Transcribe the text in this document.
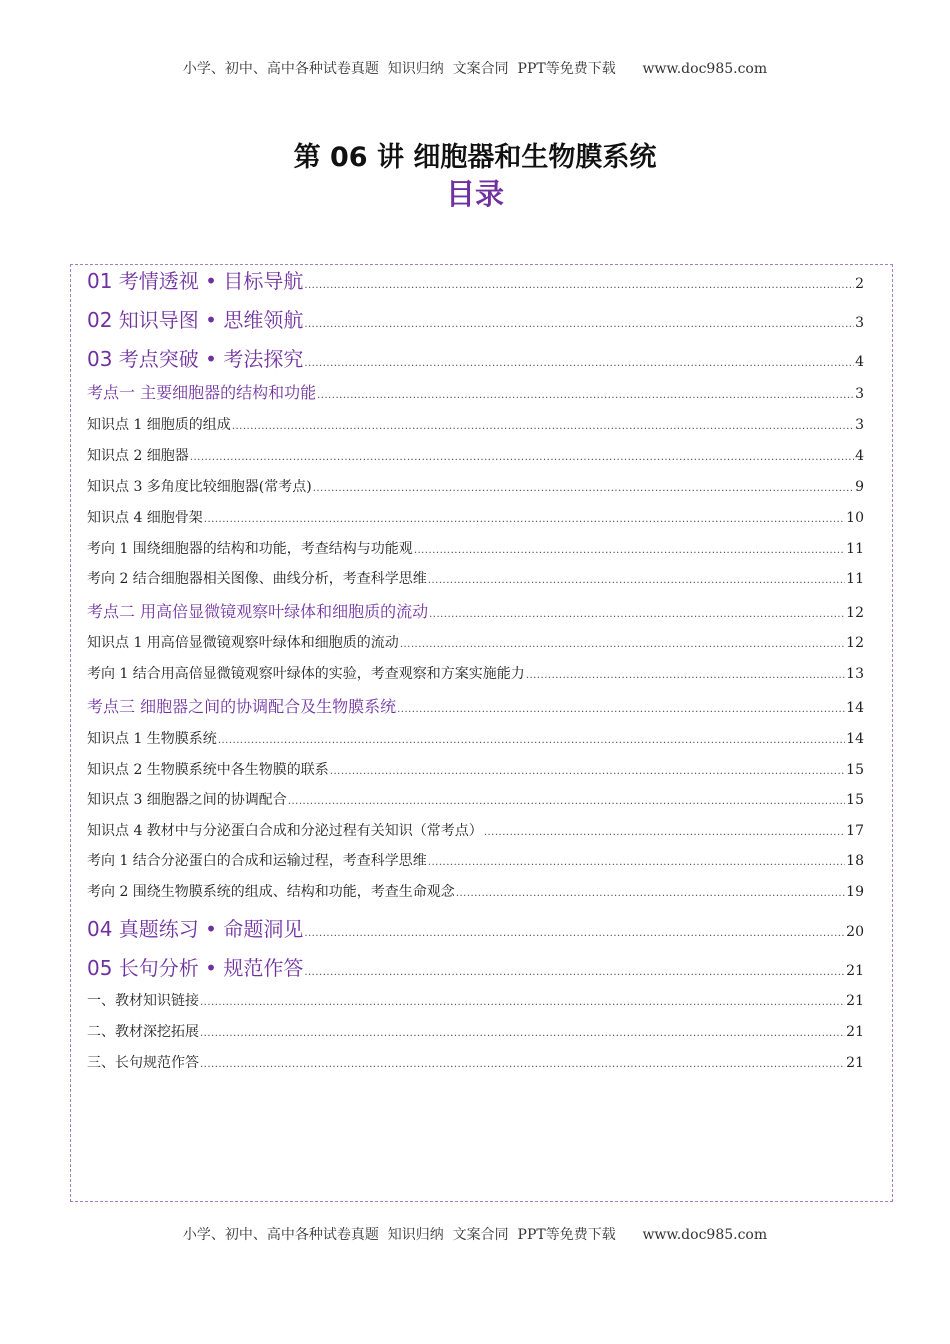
小学、初中、高中各种试卷真题  知识归纳  文案合同  PPT等免费下载      www.doc985.com
第 06 讲 细胞器和生物膜系统
目录
01 考情透视 • 目标导航 .....	2
02 知识导图 • 思维领航 .....	3
03 考点突破 • 考法探究 .....	4
考点一 主要细胞器的结构和功能 .....	3
知识点 1 细胞质的组成 .....	3
知识点 2 细胞器 .....	4
知识点 3 多角度比较细胞器(常考点) .....	9
知识点 4 细胞骨架 .....	10
考向 1 围绕细胞器的结构和功能，考查结构与功能观 .....	11
考向 2 结合细胞器相关图像、曲线分析，考查科学思维 .....	11
考点二 用高倍显微镜观察叶绿体和细胞质的流动 .....	12
知识点 1 用高倍显微镜观察叶绿体和细胞质的流动 .....	12
考向 1 结合用高倍显微镜观察叶绿体的实验，考查观察和方案实施能力 .....	13
考点三 细胞器之间的协调配合及生物膜系统 .....	14
知识点 1 生物膜系统 .....	14
知识点 2 生物膜系统中各生物膜的联系 .....	15
知识点 3 细胞器之间的协调配合 .....	15
知识点 4 教材中与分泌蛋白合成和分泌过程有关知识（常考点） .....	17
考向 1 结合分泌蛋白的合成和运输过程，考查科学思维 .....	18
考向 2 围绕生物膜系统的组成、结构和功能，考查生命观念 .....	19
04 真题练习 • 命题洞见 .....	20
05 长句分析 • 规范作答 .....	21
一、教材知识链接 .....	21
二、教材深挖拓展 .....	21
三、长句规范作答 .....	21
小学、初中、高中各种试卷真题  知识归纳  文案合同  PPT等免费下载      www.doc985.com
